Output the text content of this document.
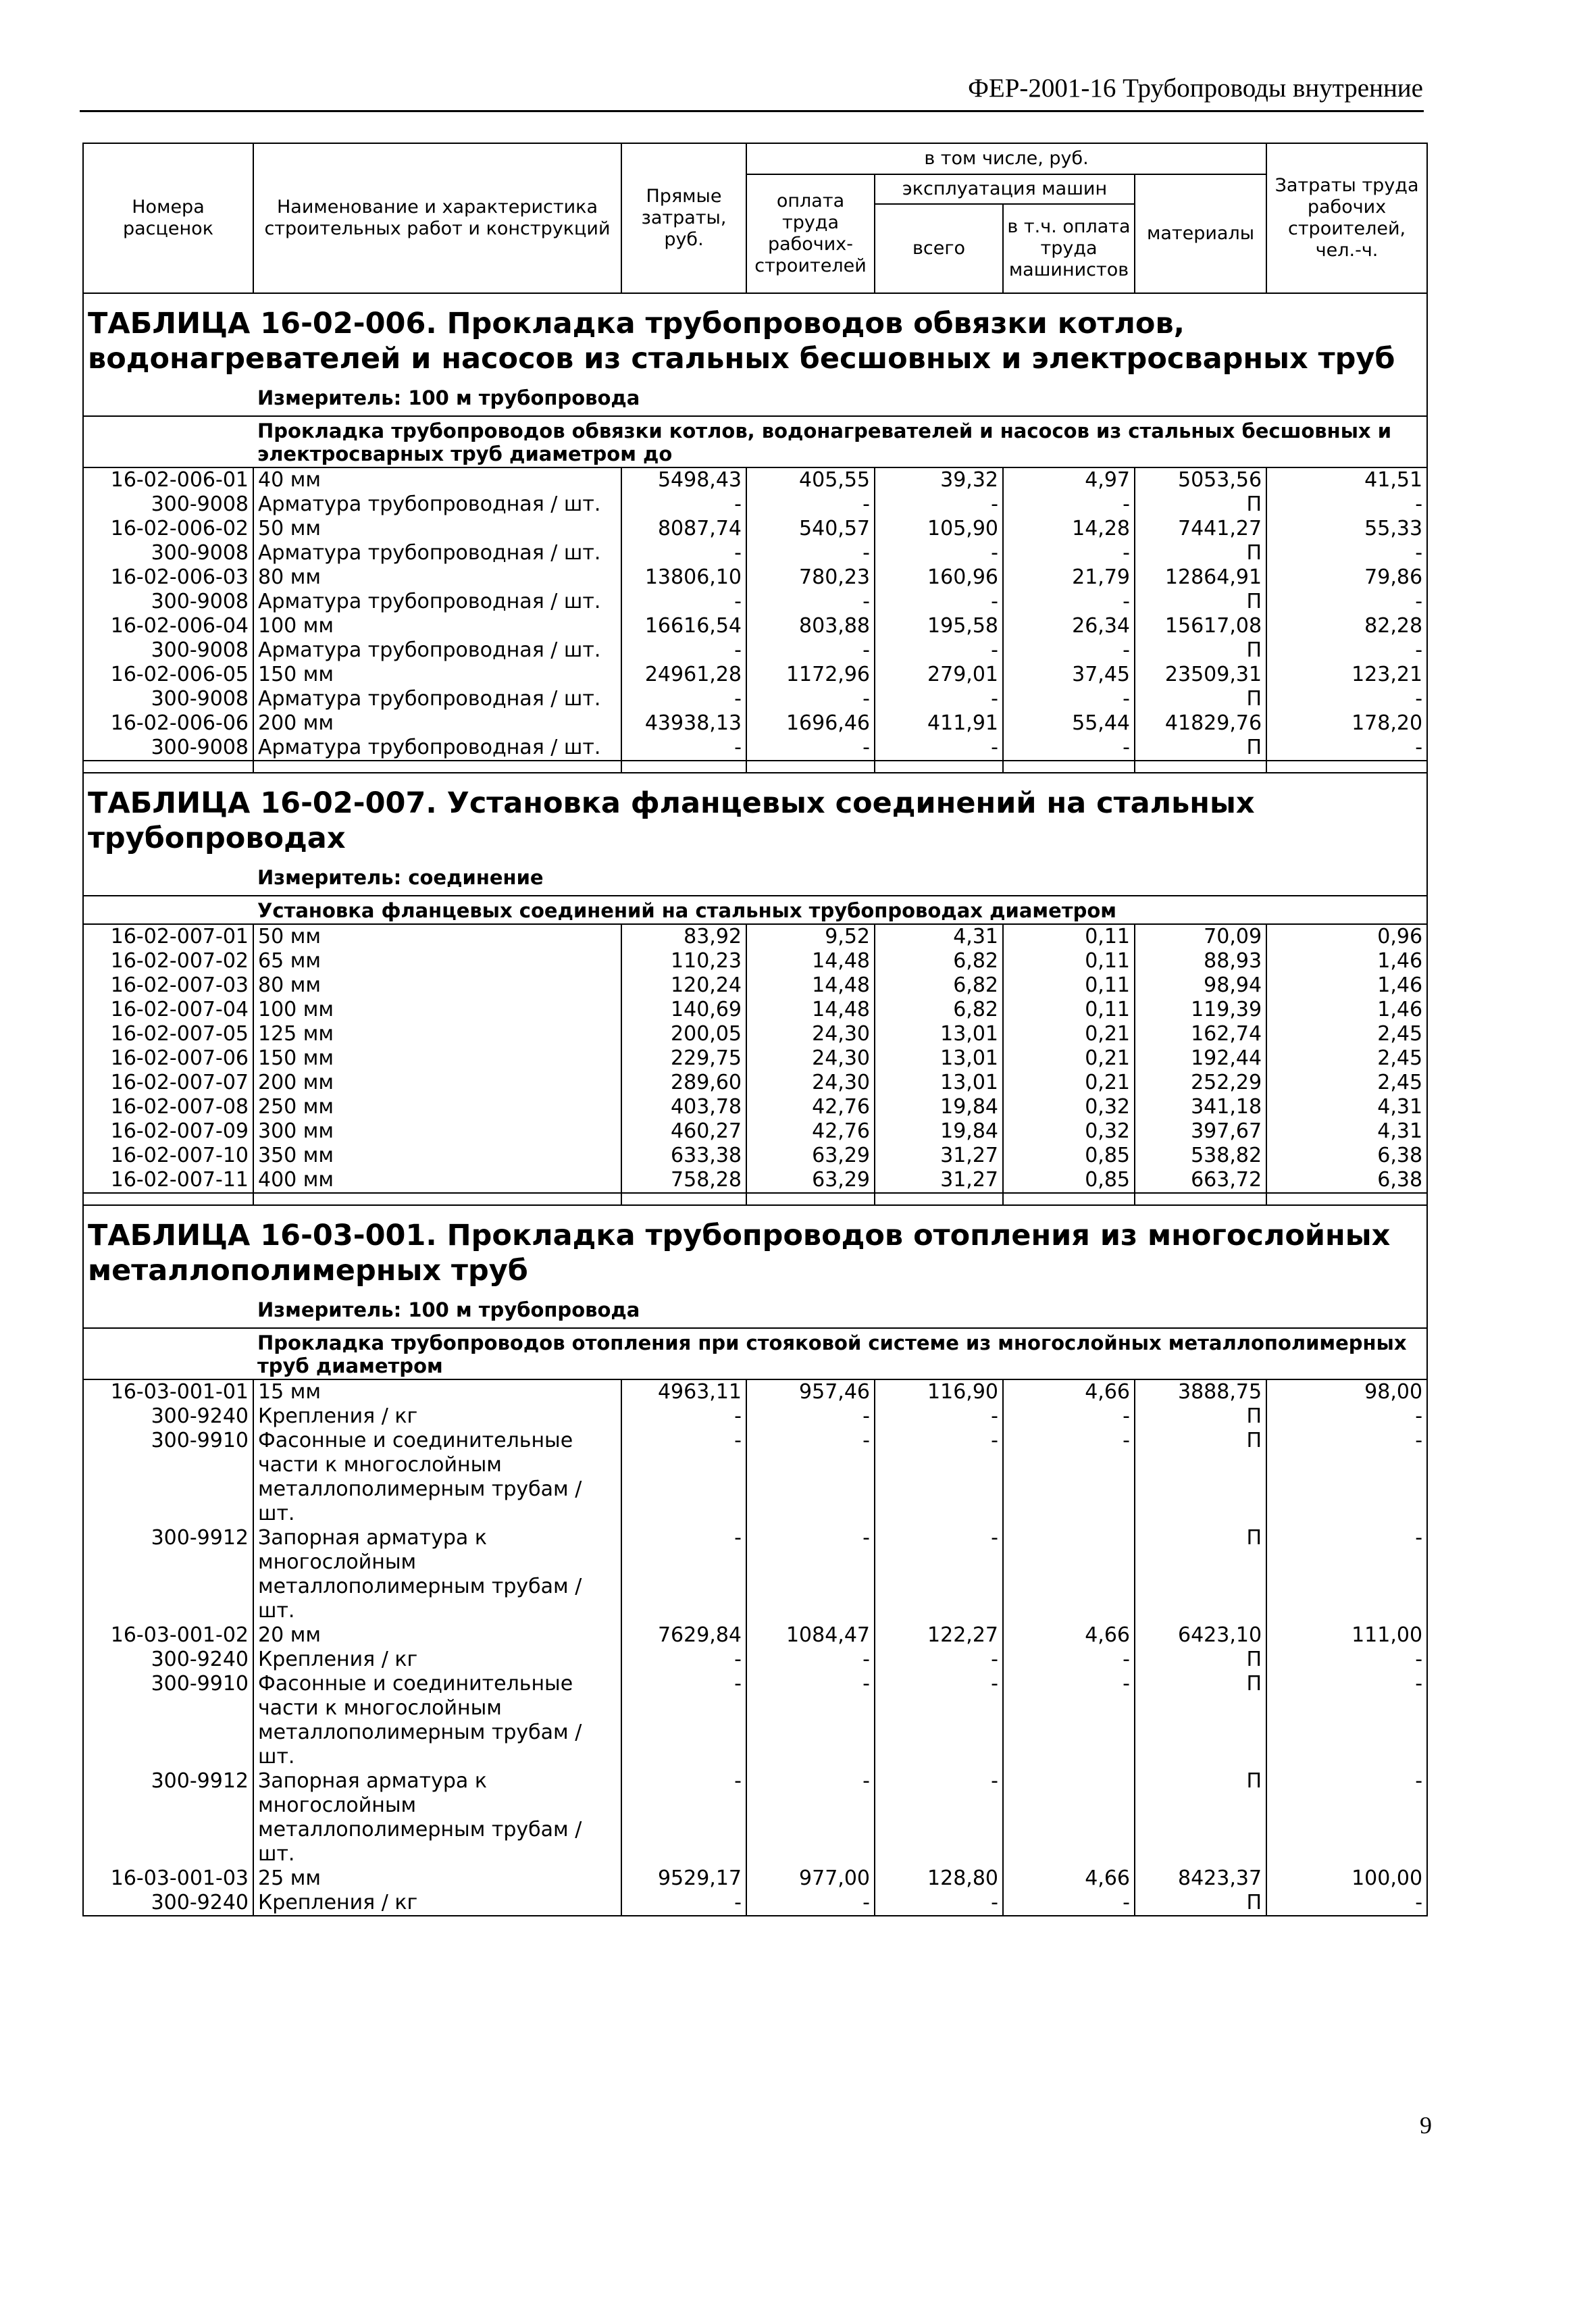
ФЕР-2001-16 Трубопроводы внутренние
Номера расценок	Наименование и характеристика строительных работ и конструкций	Прямые затраты, руб.	в том числе, руб.				Затраты труда рабочих строителей, чел.-ч.
			оплата труда рабочих-строителей	эксплуатация машин		материалы	
				всего	в т.ч. оплата труда машинистов		
ТАБЛИЦА 16-02-006. Прокладка трубопроводов обвязки котлов, водонагревателей и насосов из стальных бесшовных и электросварных труб							
	Измеритель: 100 м трубопровода						
	Прокладка трубопроводов обвязки котлов, водонагревателей и насосов из стальных бесшовных и электросварных труб диаметром до						
16-02-006-01	40 мм	5498,43	405,55	39,32	4,97	5053,56	41,51
300-9008	Арматура трубопроводная / шт.	-	-	-	-	П	-
16-02-006-02	50 мм	8087,74	540,57	105,90	14,28	7441,27	55,33
300-9008	Арматура трубопроводная / шт.	-	-	-	-	П	-
16-02-006-03	80 мм	13806,10	780,23	160,96	21,79	12864,91	79,86
300-9008	Арматура трубопроводная / шт.	-	-	-	-	П	-
16-02-006-04	100 мм	16616,54	803,88	195,58	26,34	15617,08	82,28
300-9008	Арматура трубопроводная / шт.	-	-	-	-	П	-
16-02-006-05	150 мм	24961,28	1172,96	279,01	37,45	23509,31	123,21
300-9008	Арматура трубопроводная / шт.	-	-	-	-	П	-
16-02-006-06	200 мм	43938,13	1696,46	411,91	55,44	41829,76	178,20
300-9008	Арматура трубопроводная / шт.	-	-	-	-	П	-

ТАБЛИЦА 16-02-007. Установка фланцевых соединений на стальных трубопроводах							
	Измеритель: соединение						
	Установка фланцевых соединений на стальных трубопроводах диаметром						
16-02-007-01	50 мм	83,92	9,52	4,31	0,11	70,09	0,96
16-02-007-02	65 мм	110,23	14,48	6,82	0,11	88,93	1,46
16-02-007-03	80 мм	120,24	14,48	6,82	0,11	98,94	1,46
16-02-007-04	100 мм	140,69	14,48	6,82	0,11	119,39	1,46
16-02-007-05	125 мм	200,05	24,30	13,01	0,21	162,74	2,45
16-02-007-06	150 мм	229,75	24,30	13,01	0,21	192,44	2,45
16-02-007-07	200 мм	289,60	24,30	13,01	0,21	252,29	2,45
16-02-007-08	250 мм	403,78	42,76	19,84	0,32	341,18	4,31
16-02-007-09	300 мм	460,27	42,76	19,84	0,32	397,67	4,31
16-02-007-10	350 мм	633,38	63,29	31,27	0,85	538,82	6,38
16-02-007-11	400 мм	758,28	63,29	31,27	0,85	663,72	6,38

ТАБЛИЦА 16-03-001. Прокладка трубопроводов отопления из многослойных металлополимерных труб							
	Измеритель: 100 м трубопровода						
	Прокладка трубопроводов отопления при стояковой системе из многослойных металлополимерных труб диаметром						
16-03-001-01	15 мм	4963,11	957,46	116,90	4,66	3888,75	98,00
300-9240	Крепления / кг	-	-	-	-	П	-
300-9910	Фасонные и соединительные части к многослойным металлополимерным трубам / шт.	-	-	-	-	П	-
300-9912	Запорная арматура к многослойным металлополимерным трубам / шт.	-	-	-		П	-
16-03-001-02	20 мм	7629,84	1084,47	122,27	4,66	6423,10	111,00
300-9240	Крепления / кг	-	-	-	-	П	-
300-9910	Фасонные и соединительные части к многослойным металлополимерным трубам / шт.	-	-	-	-	П	-
300-9912	Запорная арматура к многослойным металлополимерным трубам / шт.	-	-	-		П	-
16-03-001-03	25 мм	9529,17	977,00	128,80	4,66	8423,37	100,00
300-9240	Крепления / кг	-	-	-	-	П	-
9
